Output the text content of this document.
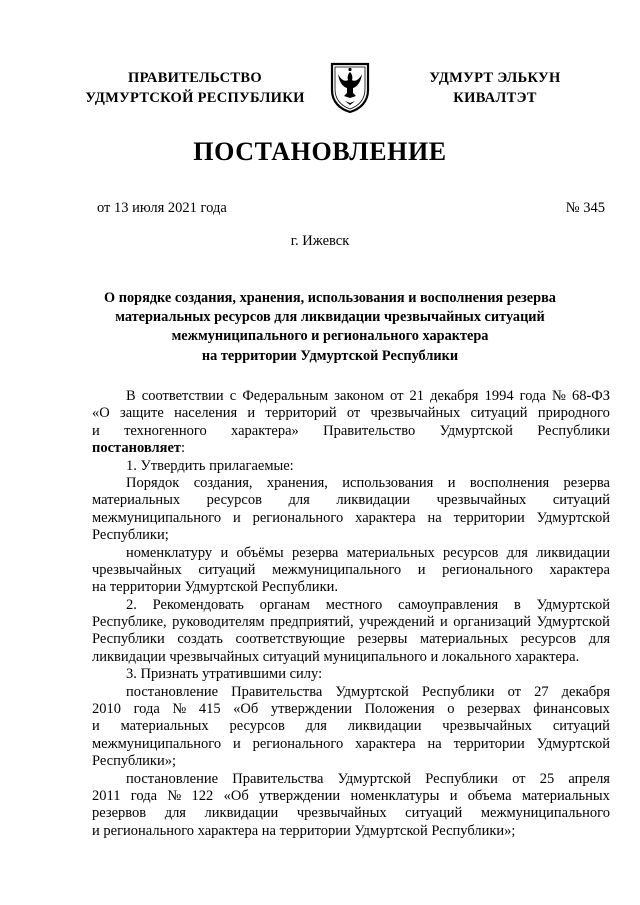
ПРАВИТЕЛЬСТВО
УДМУРТСКОЙ РЕСПУБЛИКИ
УДМУРТ ЭЛЬКУН
КИВАЛТЭТ
ПОСТАНОВЛЕНИЕ
от 13 июля 2021 года	№ 345
г. Ижевск
О порядке создания, хранения, использования и восполнения резерва
материальных ресурсов для ликвидации чрезвычайных ситуаций
межмуниципального и регионального характера
на территории Удмуртской Республики
В соответствии с Федеральным законом от 21 декабря 1994 года № 68-ФЗ
«О защите населения и территорий от чрезвычайных ситуаций природного
и техногенного характера» Правительство Удмуртской Республики
постановляет :
1. Утвердить прилагаемые:
Порядок создания, хранения, использования и восполнения резерва
материальных ресурсов для ликвидации чрезвычайных ситуаций
межмуниципального и регионального характера на территории Удмуртской
Республики;
номенклатуру и объёмы резерва материальных ресурсов для ликвидации
чрезвычайных ситуаций межмуниципального и регионального характера
на территории Удмуртской Республики.
2. Рекомендовать органам местного самоуправления в Удмуртской
Республике, руководителям предприятий, учреждений и организаций Удмуртской
Республики создать соответствующие резервы материальных ресурсов для
ликвидации чрезвычайных ситуаций муниципального и локального характера.
3. Признать утратившими силу:
постановление Правительства Удмуртской Республики от 27 декабря
2010 года № 415 «Об утверждении Положения о резервах финансовых
и материальных ресурсов для ликвидации чрезвычайных ситуаций
межмуниципального и регионального характера на территории Удмуртской
Республики»;
постановление Правительства Удмуртской Республики от 25 апреля
2011 года № 122 «Об утверждении номенклатуры и объема материальных
резервов для ликвидации чрезвычайных ситуаций межмуниципального
и регионального характера на территории Удмуртской Республики»;
